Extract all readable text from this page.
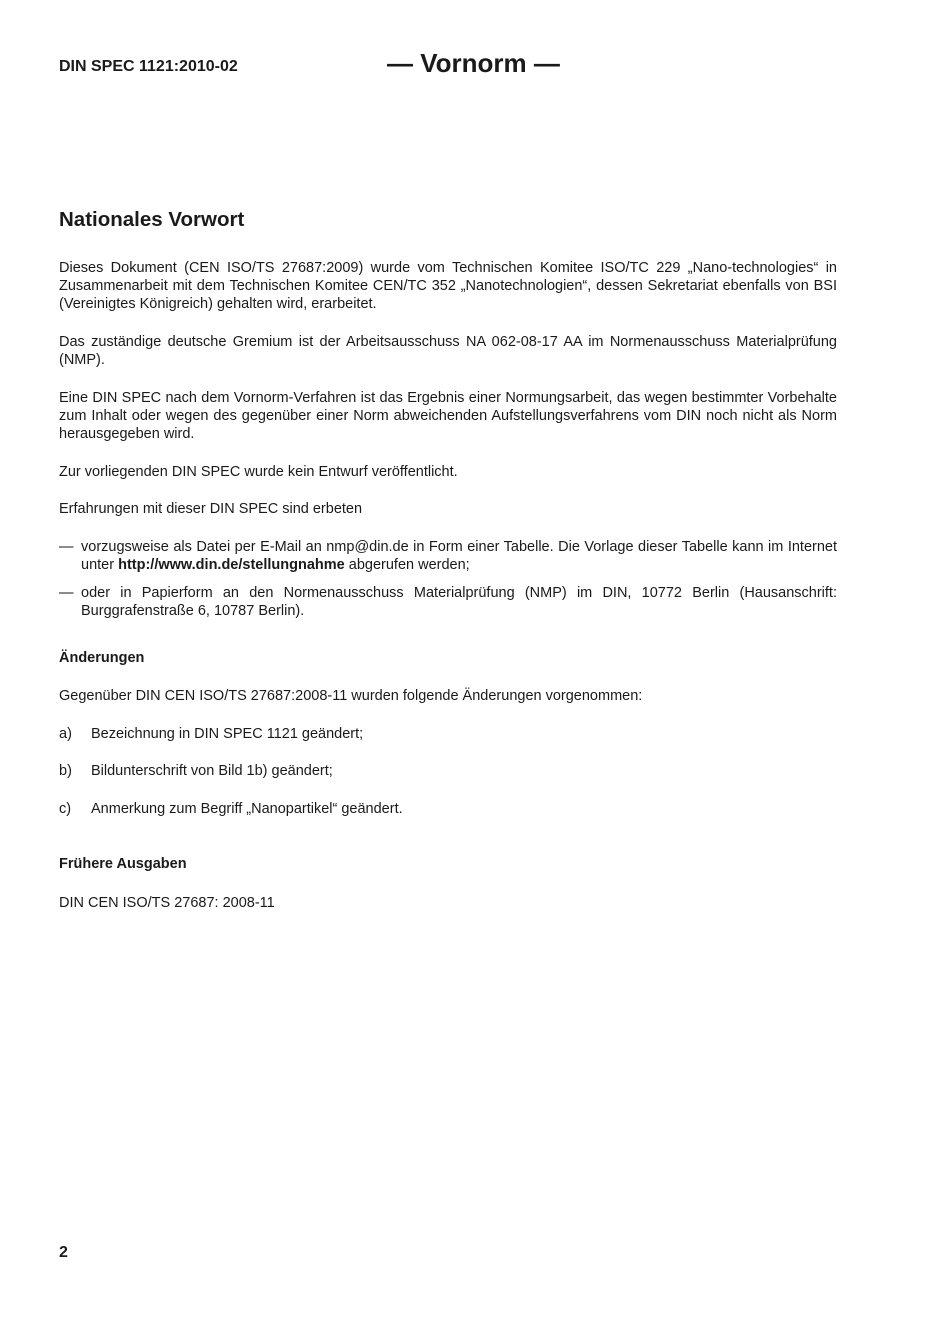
DIN SPEC 1121:2010-02	— Vornorm —
Nationales Vorwort

Dieses Dokument (CEN ISO/TS 27687:2009) wurde vom Technischen Komitee ISO/TC 229 „Nano-technologies“ in Zusammenarbeit mit dem Technischen Komitee CEN/TC 352 „Nanotechnologien“, dessen Sekretariat ebenfalls von BSI (Vereinigtes Königreich) gehalten wird, erarbeitet.

Das zuständige deutsche Gremium ist der Arbeitsausschuss NA 062-08-17 AA im Normenausschuss Materialprüfung (NMP).

Eine DIN SPEC nach dem Vornorm-Verfahren ist das Ergebnis einer Normungsarbeit, das wegen bestimmter Vorbehalte zum Inhalt oder wegen des gegenüber einer Norm abweichenden Aufstellungsverfahrens vom DIN noch nicht als Norm herausgegeben wird.

Zur vorliegenden DIN SPEC wurde kein Entwurf veröffentlicht.

Erfahrungen mit dieser DIN SPEC sind erbeten

— vorzugsweise als Datei per E-Mail an nmp@din.de in Form einer Tabelle. Die Vorlage dieser Tabelle kann im Internet unter http://www.din.de/stellungnahme abgerufen werden;
— oder in Papierform an den Normenausschuss Materialprüfung (NMP) im DIN, 10772 Berlin (Hausanschrift: Burggrafenstraße 6, 10787 Berlin).

Änderungen

Gegenüber DIN CEN ISO/TS 27687:2008-11 wurden folgende Änderungen vorgenommen:

a) Bezeichnung in DIN SPEC 1121 geändert;
b) Bildunterschrift von Bild 1b) geändert;
c) Anmerkung zum Begriff „Nanopartikel“ geändert.

Frühere Ausgaben

DIN CEN ISO/TS 27687: 2008-11

2
